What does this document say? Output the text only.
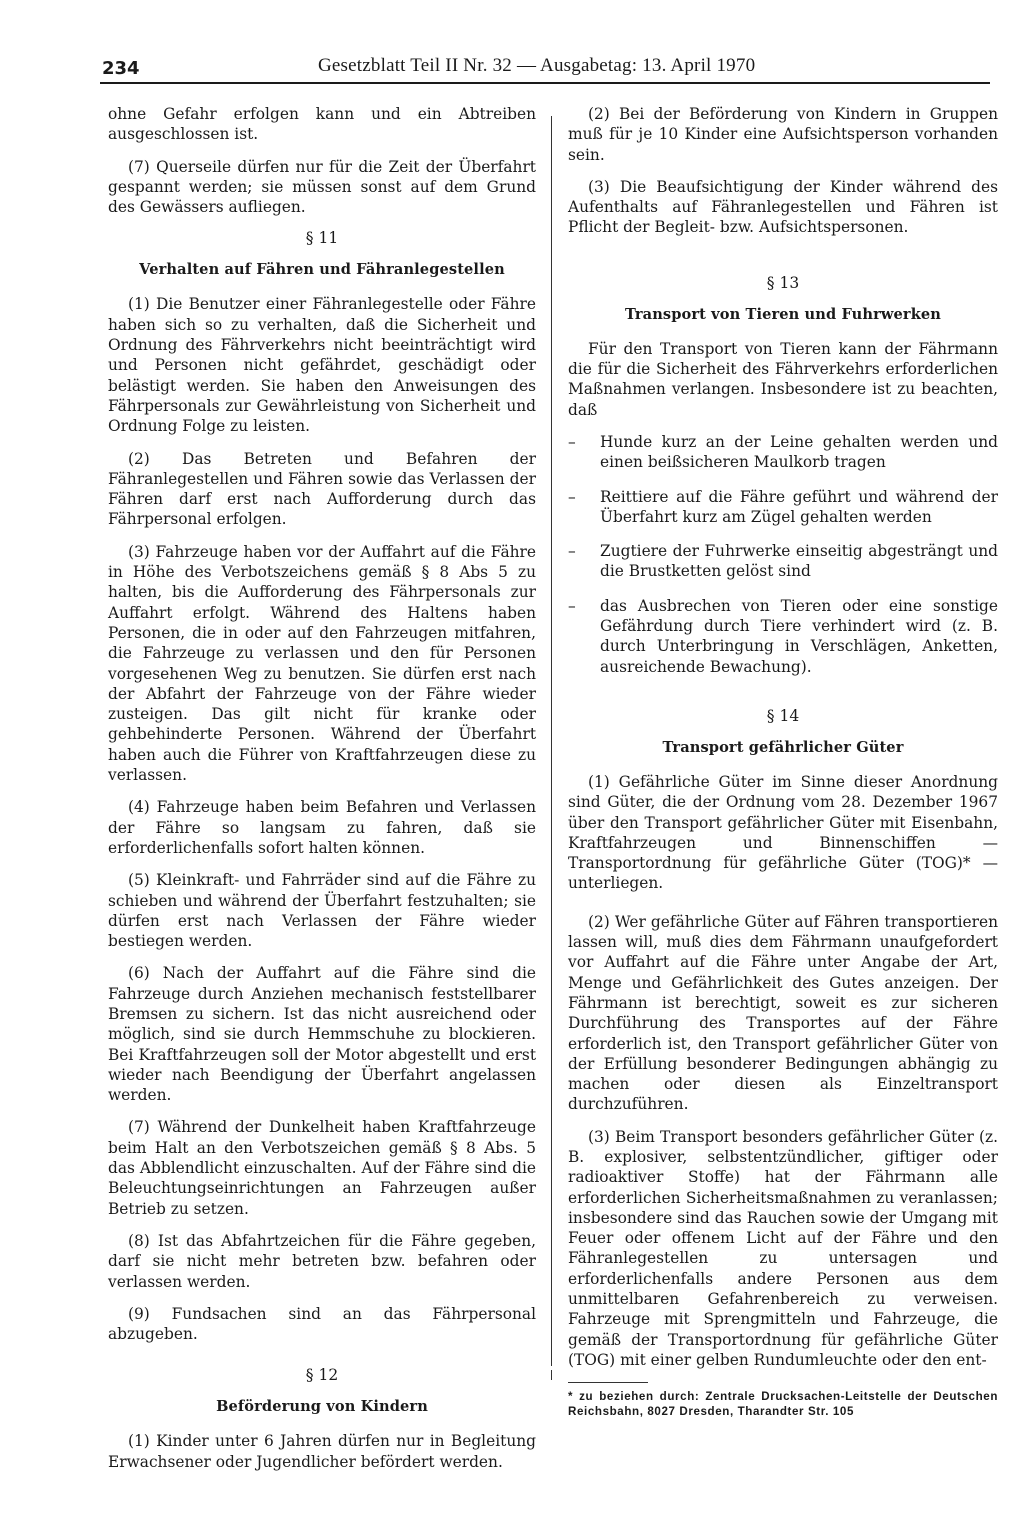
234	Gesetzblatt Teil II Nr. 32 — Ausgabetag: 13. April 1970

ohne Gefahr erfolgen kann und ein Abtreiben ausgeschlossen ist.

(7) Querseile dürfen nur für die Zeit der Überfahrt gespannt werden; sie müssen sonst auf dem Grund des Gewässers aufliegen.

§ 11
Verhalten auf Fähren und Fähranlegestellen

(1) Die Benutzer einer Fähranlegestelle oder Fähre haben sich so zu verhalten, daß die Sicherheit und Ordnung des Fährverkehrs nicht beeinträchtigt wird und Personen nicht gefährdet, geschädigt oder belästigt werden. Sie haben den Anweisungen des Fährpersonals zur Gewährleistung von Sicherheit und Ordnung Folge zu leisten.

(2) Das Betreten und Befahren der Fähranlegestellen und Fähren sowie das Verlassen der Fähren darf erst nach Aufforderung durch das Fährpersonal erfolgen.

(3) Fahrzeuge haben vor der Auffahrt auf die Fähre in Höhe des Verbotszeichens gemäß § 8 Abs 5 zu halten, bis die Aufforderung des Fährpersonals zur Auffahrt erfolgt. Während des Haltens haben Personen, die in oder auf den Fahrzeugen mitfahren, die Fahrzeuge zu verlassen und den für Personen vorgesehenen Weg zu benutzen. Sie dürfen erst nach der Abfahrt der Fahrzeuge von der Fähre wieder zusteigen. Das gilt nicht für kranke oder gehbehinderte Personen. Während der Überfahrt haben auch die Führer von Kraftfahrzeugen diese zu verlassen.

(4) Fahrzeuge haben beim Befahren und Verlassen der Fähre so langsam zu fahren, daß sie erforderlichenfalls sofort halten können.

(5) Kleinkraft- und Fahrräder sind auf die Fähre zu schieben und während der Überfahrt festzuhalten; sie dürfen erst nach Verlassen der Fähre wieder bestiegen werden.

(6) Nach der Auffahrt auf die Fähre sind die Fahrzeuge durch Anziehen mechanisch feststellbarer Bremsen zu sichern. Ist das nicht ausreichend oder möglich, sind sie durch Hemmschuhe zu blockieren. Bei Kraftfahrzeugen soll der Motor abgestellt und erst wieder nach Beendigung der Überfahrt angelassen werden.

(7) Während der Dunkelheit haben Kraftfahrzeuge beim Halt an den Verbotszeichen gemäß § 8 Abs. 5 das Abblendlicht einzuschalten. Auf der Fähre sind die Beleuchtungseinrichtungen an Fahrzeugen außer Betrieb zu setzen.

(8) Ist das Abfahrtzeichen für die Fähre gegeben, darf sie nicht mehr betreten bzw. befahren oder verlassen werden.

(9) Fundsachen sind an das Fährpersonal abzugeben.

§ 12
Beförderung von Kindern

(1) Kinder unter 6 Jahren dürfen nur in Begleitung Erwachsener oder Jugendlicher befördert werden.

(2) Bei der Beförderung von Kindern in Gruppen muß für je 10 Kinder eine Aufsichtsperson vorhanden sein.

(3) Die Beaufsichtigung der Kinder während des Aufenthalts auf Fähranlegestellen und Fähren ist Pflicht der Begleit- bzw. Aufsichtspersonen.

§ 13
Transport von Tieren und Fuhrwerken

Für den Transport von Tieren kann der Fährmann die für die Sicherheit des Fährverkehrs erforderlichen Maßnahmen verlangen. Insbesondere ist zu beachten, daß

–	Hunde kurz an der Leine gehalten werden und einen beißsicheren Maulkorb tragen
–	Reittiere auf die Fähre geführt und während der Überfahrt kurz am Zügel gehalten werden
–	Zugtiere der Fuhrwerke einseitig abgesträngt und die Brustketten gelöst sind
–	das Ausbrechen von Tieren oder eine sonstige Gefährdung durch Tiere verhindert wird (z. B. durch Unterbringung in Verschlägen, Anketten, ausreichende Bewachung).
§ 14
Transport gefährlicher Güter

(1) Gefährliche Güter im Sinne dieser Anordnung sind Güter, die der Ordnung vom 28. Dezember 1967 über den Transport gefährlicher Güter mit Eisenbahn, Kraftfahrzeugen und Binnenschiffen — Transportordnung für gefährliche Güter (TOG)* — unterliegen.

(2) Wer gefährliche Güter auf Fähren transportieren lassen will, muß dies dem Fährmann unaufgefordert vor Auffahrt auf die Fähre unter Angabe der Art, Menge und Gefährlichkeit des Gutes anzeigen. Der Fährmann ist berechtigt, soweit es zur sicheren Durchführung des Transportes auf der Fähre erforderlich ist, den Transport gefährlicher Güter von der Erfüllung besonderer Bedingungen abhängig zu machen oder diesen als Einzeltransport durchzuführen.

(3) Beim Transport besonders gefährlicher Güter (z. B. explosiver, selbstentzündlicher, giftiger oder radioaktiver Stoffe) hat der Fährmann alle erforderlichen Sicherheitsmaßnahmen zu veranlassen; insbesondere sind das Rauchen sowie der Umgang mit Feuer oder offenem Licht auf der Fähre und den Fähranlegestellen zu untersagen und erforderlichenfalls andere Personen aus dem unmittelbaren Gefahrenbereich zu verweisen. Fahrzeuge mit Sprengmitteln und Fahrzeuge, die gemäß der Transportordnung für gefährliche Güter (TOG) mit einer gelben Rundumleuchte oder den ent-

* zu beziehen durch: Zentrale Drucksachen-Leitstelle der Deutschen Reichsbahn, 8027 Dresden, Tharandter Str. 105
